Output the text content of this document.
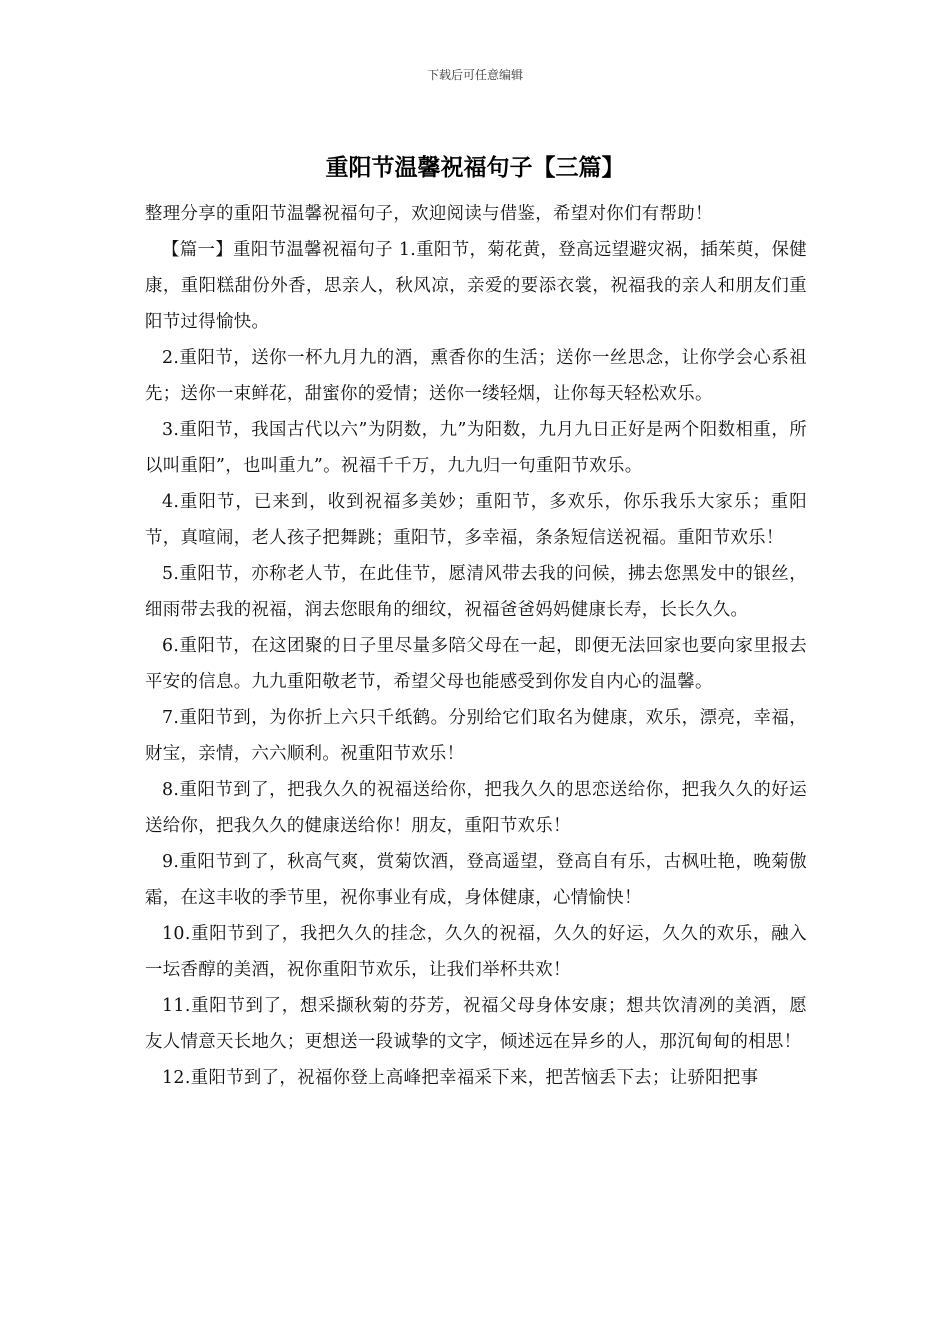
下载后可任意编辑
重阳节温馨祝福句子【三篇】

整理分享的重阳节温馨祝福句子，欢迎阅读与借鉴，希望对你们有帮助！

【篇一】重阳节温馨祝福句子 1.重阳节，菊花黄，登高远望避灾祸，插茱萸，保健康，重阳糕甜份外香，思亲人，秋风凉，亲爱的要添衣裳，祝福我的亲人和朋友们重阳节过得愉快。

2.重阳节，送你一杯九月九的酒，熏香你的生活；送你一丝思念，让你学会心系祖先；送你一束鲜花，甜蜜你的爱情；送你一缕轻烟，让你每天轻松欢乐。

3.重阳节，我国古代以六”为阴数，九”为阳数，九月九日正好是两个阳数相重，所以叫重阳”，也叫重九”。祝福千千万，九九归一句重阳节欢乐。

4.重阳节，已来到，收到祝福多美妙；重阳节，多欢乐，你乐我乐大家乐；重阳节，真喧闹，老人孩子把舞跳；重阳节，多幸福，条条短信送祝福。重阳节欢乐！

5.重阳节，亦称老人节，在此佳节，愿清风带去我的问候，拂去您黑发中的银丝，细雨带去我的祝福，润去您眼角的细纹，祝福爸爸妈妈健康长寿，长长久久。

6.重阳节，在这团聚的日子里尽量多陪父母在一起，即便无法回家也要向家里报去平安的信息。九九重阳敬老节，希望父母也能感受到你发自内心的温馨。

7.重阳节到，为你折上六只千纸鹤。分别给它们取名为健康，欢乐，漂亮，幸福，财宝，亲情，六六顺利。祝重阳节欢乐！

8.重阳节到了，把我久久的祝福送给你，把我久久的思恋送给你，把我久久的好运送给你，把我久久的健康送给你！朋友，重阳节欢乐！

9.重阳节到了，秋高气爽，赏菊饮酒，登高遥望，登高自有乐，古枫吐艳，晚菊傲霜，在这丰收的季节里，祝你事业有成，身体健康，心情愉快！

10.重阳节到了，我把久久的挂念，久久的祝福，久久的好运，久久的欢乐，融入一坛香醇的美酒，祝你重阳节欢乐，让我们举杯共欢！

11.重阳节到了，想采撷秋菊的芬芳，祝福父母身体安康；想共饮清冽的美酒，愿友人情意天长地久；更想送一段诚挚的文字，倾述远在异乡的人，那沉甸甸的相思！

12.重阳节到了，祝福你登上高峰把幸福采下来，把苦恼丢下去；让骄阳把事
